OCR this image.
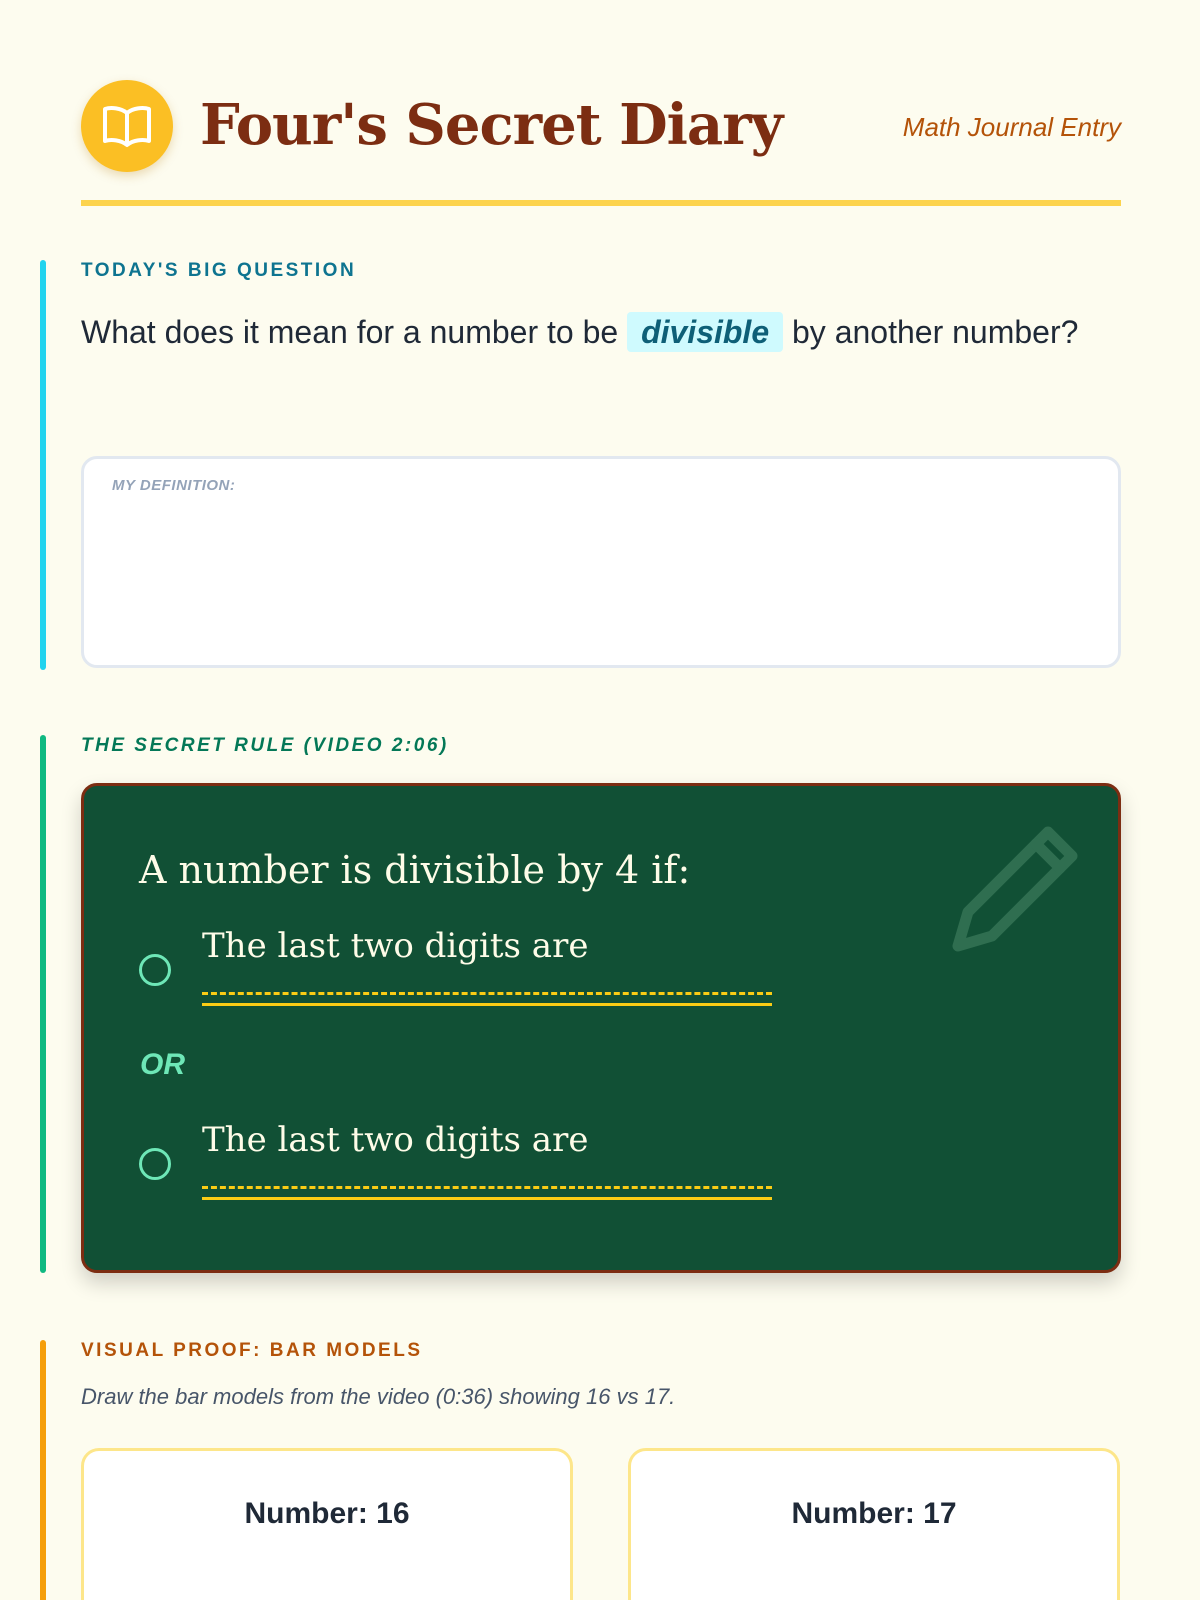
Four's Secret Diary	Math Journal Entry
TODAY'S BIG QUESTION
What does it mean for a number to be divisible by another number?
MY DEFINITION:
THE SECRET RULE (VIDEO 2:06)
A number is divisible by 4 if:
The last two digits are
OR
The last two digits are
VISUAL PROOF: BAR MODELS
Draw the bar models from the video (0:36) showing 16 vs 17.
Number: 16	Number: 17
